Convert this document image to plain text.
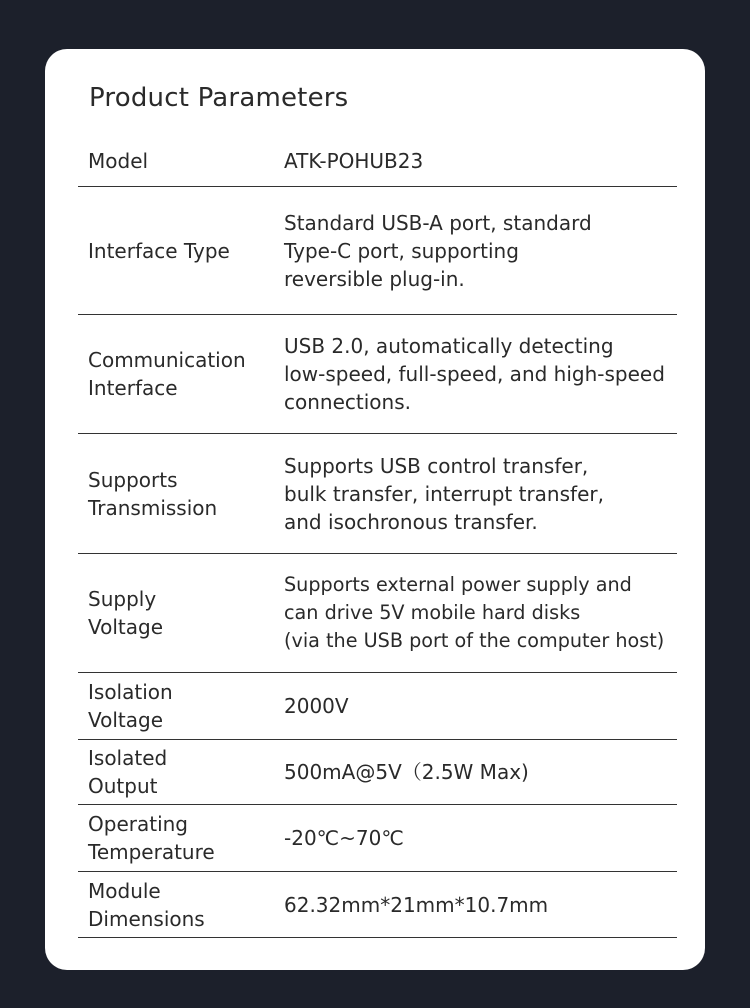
Product Parameters
Model	ATK-POHUB23
Interface Type
Standard USB-A port, standard
Type-C port, supporting
reversible plug-in.
Communication
Interface
USB 2.0, automatically detecting
low-speed, full-speed, and high-speed
connections.
Supports
Transmission
Supports USB control transfer,
bulk transfer, interrupt transfer,
and isochronous transfer.
Supply
Voltage
Supports external power supply and
can drive 5V mobile hard disks
(via the USB port of the computer host)
Isolation
Voltage
2000V
Isolated
Output
500mA@5V（2.5W Max)
Operating
Temperature
-20℃~70℃
Module
Dimensions
62.32mm*21mm*10.7mm
